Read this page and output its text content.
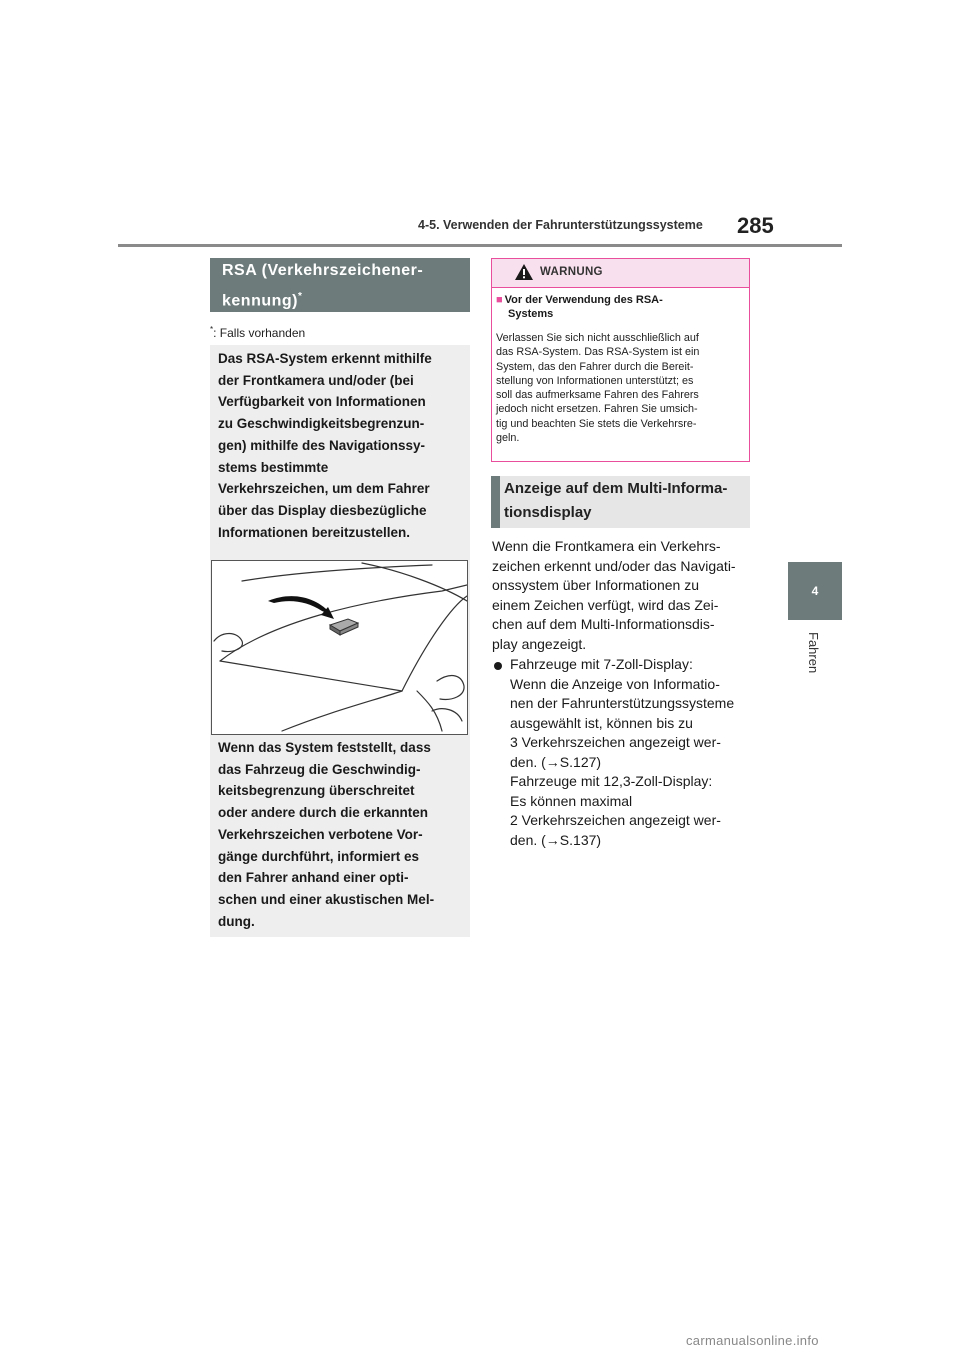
4-5. Verwenden der Fahrunterstützungssysteme 285
4
Fahren
RSA (Verkehrszeichener-
kennung)*
*: Falls vorhanden
Das RSA-System erkennt mithilfe
der Frontkamera und/oder (bei
Verfügbarkeit von Informationen
zu Geschwindigkeitsbegrenzun-
gen) mithilfe des Navigationssy-
stems bestimmte
Verkehrszeichen, um dem Fahrer
über das Display diesbezügliche
Informationen bereitzustellen.
Wenn das System feststellt, dass
das Fahrzeug die Geschwindig-
keitsbegrenzung überschreitet
oder andere durch die erkannten
Verkehrszeichen verbotene Vor-
gänge durchführt, informiert es
den Fahrer anhand einer opti-
schen und einer akustischen Mel-
dung.
WARNUNG
■ Vor der Verwendung des RSA-
Systems
Verlassen Sie sich nicht ausschließlich auf
das RSA-System. Das RSA-System ist ein
System, das den Fahrer durch die Bereit-
stellung von Informationen unterstützt; es
soll das aufmerksame Fahren des Fahrers
jedoch nicht ersetzen. Fahren Sie umsich-
tig und beachten Sie stets die Verkehrsre-
geln.
Anzeige auf dem Multi-Informa-
tionsdisplay
Wenn die Frontkamera ein Verkehrs-
zeichen erkennt und/oder das Navigati-
onssystem über Informationen zu
einem Zeichen verfügt, wird das Zei-
chen auf dem Multi-Informationsdis-
play angezeigt.
Fahrzeuge mit 7-Zoll-Display:
Wenn die Anzeige von Informatio-
nen der Fahrunterstützungssysteme
ausgewählt ist, können bis zu
3 Verkehrszeichen angezeigt wer-
den. (→S.127)
Fahrzeuge mit 12,3-Zoll-Display:
Es können maximal
2 Verkehrszeichen angezeigt wer-
den. (→S.137)
carmanualsonline.info
